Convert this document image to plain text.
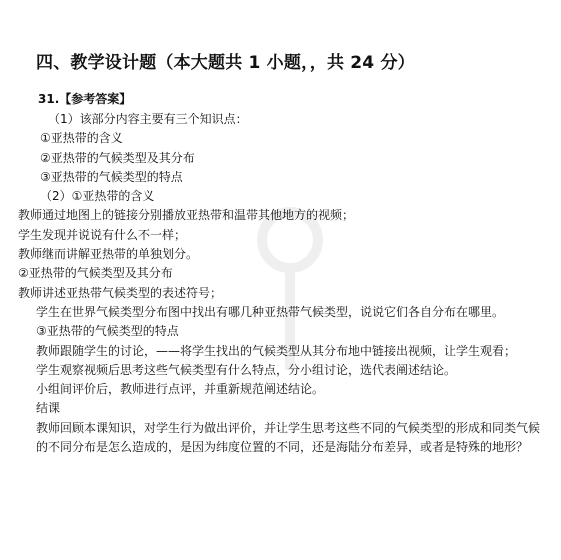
四、教学设计题（本大题共 1 小题，，共 24 分）
31.【参考答案】
（1）该部分内容主要有三个知识点：
①亚热带的含义
②亚热带的气候类型及其分布
③亚热带的气候类型的特点
（2）①亚热带的含义
教师通过地图上的链接分别播放亚热带和温带其他地方的视频；
学生发现并说说有什么不一样；
教师继而讲解亚热带的单独划分。
②亚热带的气候类型及其分布
教师讲述亚热带气候类型的表述符号；
学生在世界气候类型分布图中找出有哪几种亚热带气候类型，说说它们各自分布在哪里。
③亚热带的气候类型的特点
教师跟随学生的讨论，——将学生找出的气候类型从其分布地中链接出视频，让学生观看；
学生观察视频后思考这些气候类型有什么特点，分小组讨论，选代表阐述结论。
小组间评价后，教师进行点评，并重新规范阐述结论。
结课
教师回顾本课知识，对学生行为做出评价，并让学生思考这些不同的气候类型的形成和同类气候的不同分布是怎么造成的，是因为纬度位置的不同，还是海陆分布差异，或者是特殊的地形？
